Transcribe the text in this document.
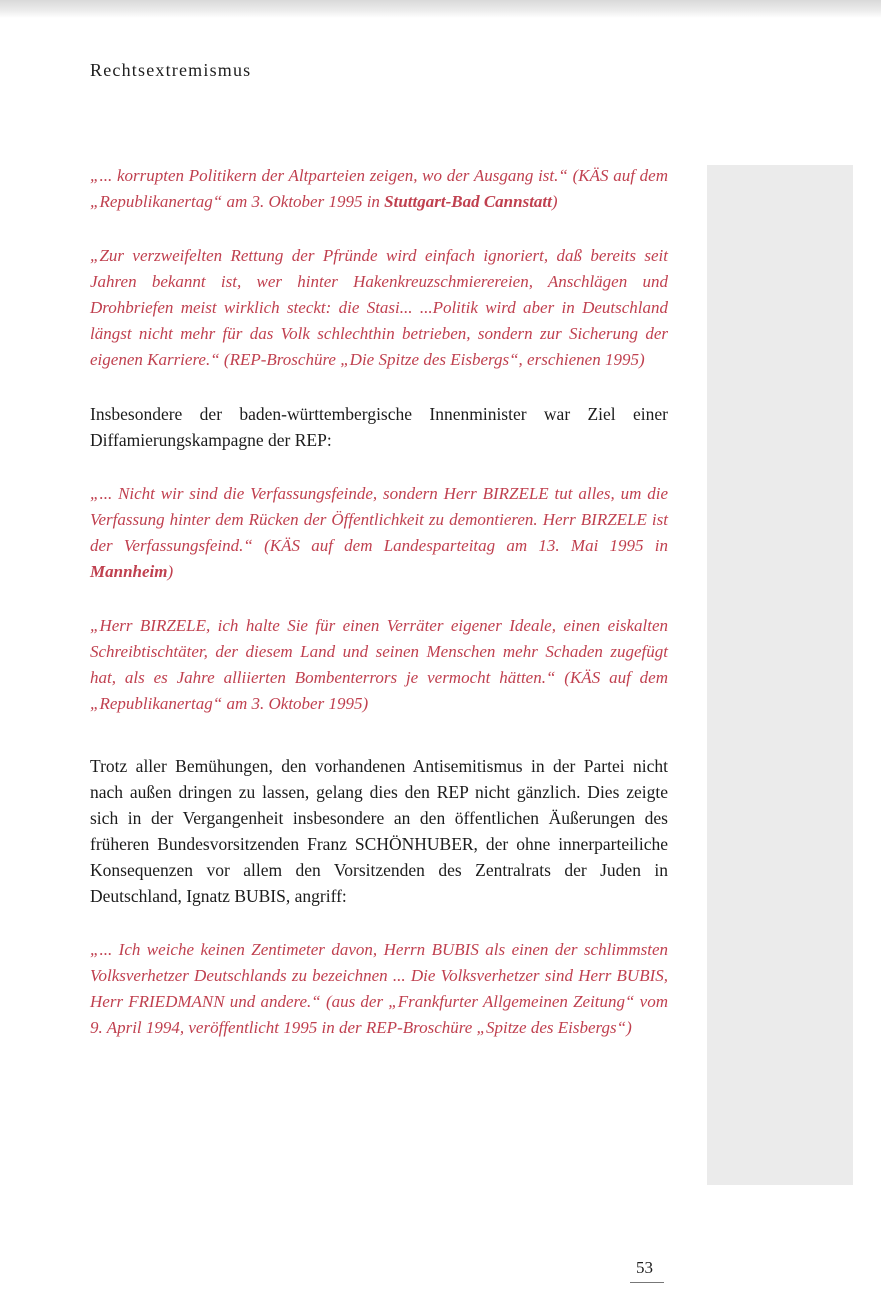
Rechtsextremismus

„... korrupten Politikern der Altparteien zeigen, wo der Ausgang ist.“ (KÄS auf dem „Republikanertag“ am 3. Oktober 1995 in Stuttgart-Bad Cannstatt)

„Zur verzweifelten Rettung der Pfründe wird einfach ignoriert, daß bereits seit Jahren bekannt ist, wer hinter Hakenkreuzschmierereien, Anschlägen und Drohbriefen meist wirklich steckt: die Stasi... ...Politik wird aber in Deutschland längst nicht mehr für das Volk schlechthin betrieben, sondern zur Sicherung der eigenen Karriere.“ (REP-Broschüre „Die Spitze des Eisbergs“, erschienen 1995)

Insbesondere der baden-württembergische Innenminister war Ziel einer Diffamierungskampagne der REP:

„... Nicht wir sind die Verfassungsfeinde, sondern Herr BIRZELE tut alles, um die Verfassung hinter dem Rücken der Öffentlichkeit zu demontieren. Herr BIRZELE ist der Verfassungsfeind.“ (KÄS auf dem Landesparteitag am 13. Mai 1995 in Mannheim)

„Herr BIRZELE, ich halte Sie für einen Verräter eigener Ideale, einen eiskalten Schreibtischtäter, der diesem Land und seinen Menschen mehr Schaden zugefügt hat, als es Jahre alliierten Bombenterrors je vermocht hätten.“ (KÄS auf dem „Republikanertag“ am 3. Oktober 1995)

Trotz aller Bemühungen, den vorhandenen Antisemitismus in der Partei nicht nach außen dringen zu lassen, gelang dies den REP nicht gänzlich. Dies zeigte sich in der Vergangenheit insbesondere an den öffentlichen Äußerungen des früheren Bundesvorsitzenden Franz SCHÖNHUBER, der ohne innerparteiliche Konsequenzen vor allem den Vorsitzenden des Zentralrats der Juden in Deutschland, Ignatz BUBIS, angriff:

„... Ich weiche keinen Zentimeter davon, Herrn BUBIS als einen der schlimmsten Volksverhetzer Deutschlands zu bezeichnen ... Die Volksverhetzer sind Herr BUBIS, Herr FRIEDMANN und andere.“ (aus der „Frankfurter Allgemeinen Zeitung“ vom 9. April 1994, veröffentlicht 1995 in der REP-Broschüre „Spitze des Eisbergs“)

53
